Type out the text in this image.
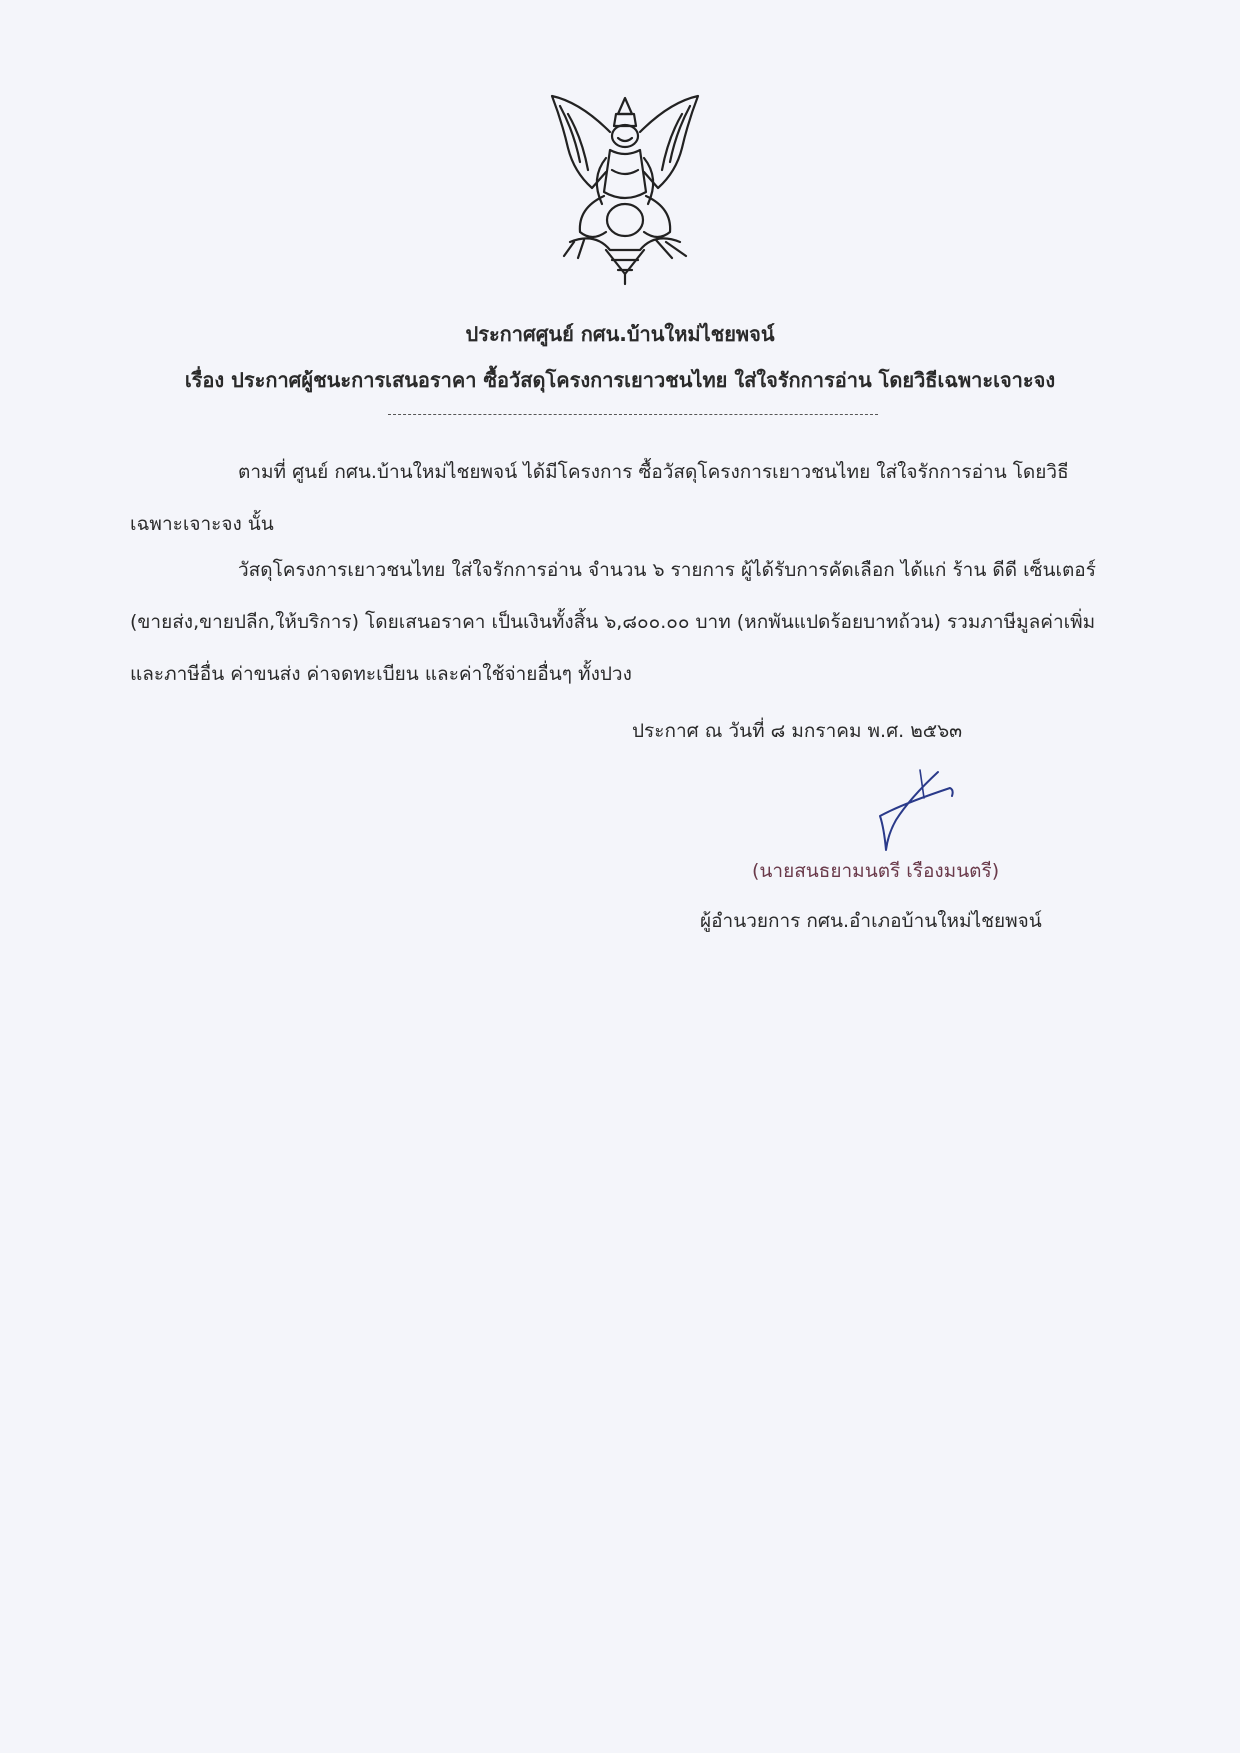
ประกาศศูนย์ กศน.บ้านใหม่ไชยพจน์
เรื่อง ประกาศผู้ชนะการเสนอราคา ซื้อวัสดุโครงการเยาวชนไทย ใส่ใจรักการอ่าน โดยวิธีเฉพาะเจาะจง
ตามที่ ศูนย์ กศน.บ้านใหม่ไชยพจน์ ได้มีโครงการ ซื้อวัสดุโครงการเยาวชนไทย ใส่ใจรักการอ่าน โดยวิธีเฉพาะเจาะจง นั้น
วัสดุโครงการเยาวชนไทย ใส่ใจรักการอ่าน จำนวน ๖ รายการ ผู้ได้รับการคัดเลือก ได้แก่ ร้าน ดีดี เซ็นเตอร์ (ขายส่ง,ขายปลีก,ให้บริการ) โดยเสนอราคา เป็นเงินทั้งสิ้น ๖,๘๐๐.๐๐ บาท (หกพันแปดร้อยบาทถ้วน) รวมภาษีมูลค่าเพิ่มและภาษีอื่น ค่าขนส่ง ค่าจดทะเบียน และค่าใช้จ่ายอื่นๆ ทั้งปวง
ประกาศ ณ วันที่ ๘ มกราคม พ.ศ. ๒๕๖๓
(นายสนธยามนตรี เรืองมนตรี)
ผู้อำนวยการ กศน.อำเภอบ้านใหม่ไชยพจน์
